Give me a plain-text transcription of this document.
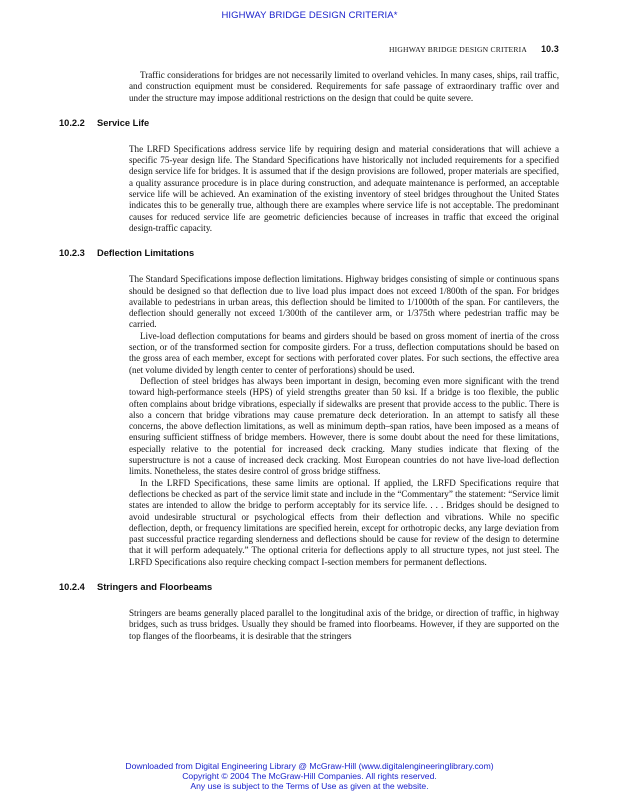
HIGHWAY BRIDGE DESIGN CRITERIA*
HIGHWAY BRIDGE DESIGN CRITERIA 10.3

Traffic considerations for bridges are not necessarily limited to overland vehicles. In many cases, ships, rail traffic, and construction equipment must be considered. Requirements for safe passage of extraordinary traffic over and under the structure may impose additional restrictions on the design that could be quite severe.

10.2.2 Service Life

The LRFD Specifications address service life by requiring design and material considerations that will achieve a specific 75-year design life. The Standard Specifications have historically not included requirements for a specified design service life for bridges. It is assumed that if the design provisions are followed, proper materials are specified, a quality assurance procedure is in place during construction, and adequate maintenance is performed, an acceptable service life will be achieved. An examination of the existing inventory of steel bridges throughout the United States indicates this to be generally true, although there are examples where service life is not acceptable. The predominant causes for reduced service life are geometric deficiencies because of increases in traffic that exceed the original design-traffic capacity.

10.2.3 Deflection Limitations

The Standard Specifications impose deflection limitations. Highway bridges consisting of simple or continuous spans should be designed so that deflection due to live load plus impact does not exceed 1/800th of the span. For bridges available to pedestrians in urban areas, this deflection should be limited to 1/1000th of the span. For cantilevers, the deflection should generally not exceed 1/300th of the cantilever arm, or 1/375th where pedestrian traffic may be carried.

Live-load deflection computations for beams and girders should be based on gross moment of inertia of the cross section, or of the transformed section for composite girders. For a truss, deflection computations should be based on the gross area of each member, except for sections with perforated cover plates. For such sections, the effective area (net volume divided by length center to center of perforations) should be used.

Deflection of steel bridges has always been important in design, becoming even more significant with the trend toward high-performance steels (HPS) of yield strengths greater than 50 ksi. If a bridge is too flexible, the public often complains about bridge vibrations, especially if sidewalks are present that provide access to the public. There is also a concern that bridge vibrations may cause premature deck deterioration. In an attempt to satisfy all these concerns, the above deflection limitations, as well as minimum depth–span ratios, have been imposed as a means of ensuring sufficient stiffness of bridge members. However, there is some doubt about the need for these limitations, especially relative to the potential for increased deck cracking. Many studies indicate that flexing of the superstructure is not a cause of increased deck cracking. Most European countries do not have live-load deflection limits. Nonetheless, the states desire control of gross bridge stiffness.

In the LRFD Specifications, these same limits are optional. If applied, the LRFD Specifications require that deflections be checked as part of the service limit state and include in the “Commentary” the statement: “Service limit states are intended to allow the bridge to perform acceptably for its service life. . . . Bridges should be designed to avoid undesirable structural or psychological effects from their deflection and vibrations. While no specific deflection, depth, or frequency limitations are specified herein, except for orthotropic decks, any large deviation from past successful practice regarding slenderness and deflections should be cause for review of the design to determine that it will perform adequately.” The optional criteria for deflections apply to all structure types, not just steel. The LRFD Specifications also require checking compact I-section members for permanent deflections.

10.2.4 Stringers and Floorbeams

Stringers are beams generally placed parallel to the longitudinal axis of the bridge, or direction of traffic, in highway bridges, such as truss bridges. Usually they should be framed into floorbeams. However, if they are supported on the top flanges of the floorbeams, it is desirable that the stringers

Downloaded from Digital Engineering Library @ McGraw-Hill (www.digitalengineeringlibrary.com)
Copyright © 2004 The McGraw-Hill Companies. All rights reserved.
Any use is subject to the Terms of Use as given at the website.
